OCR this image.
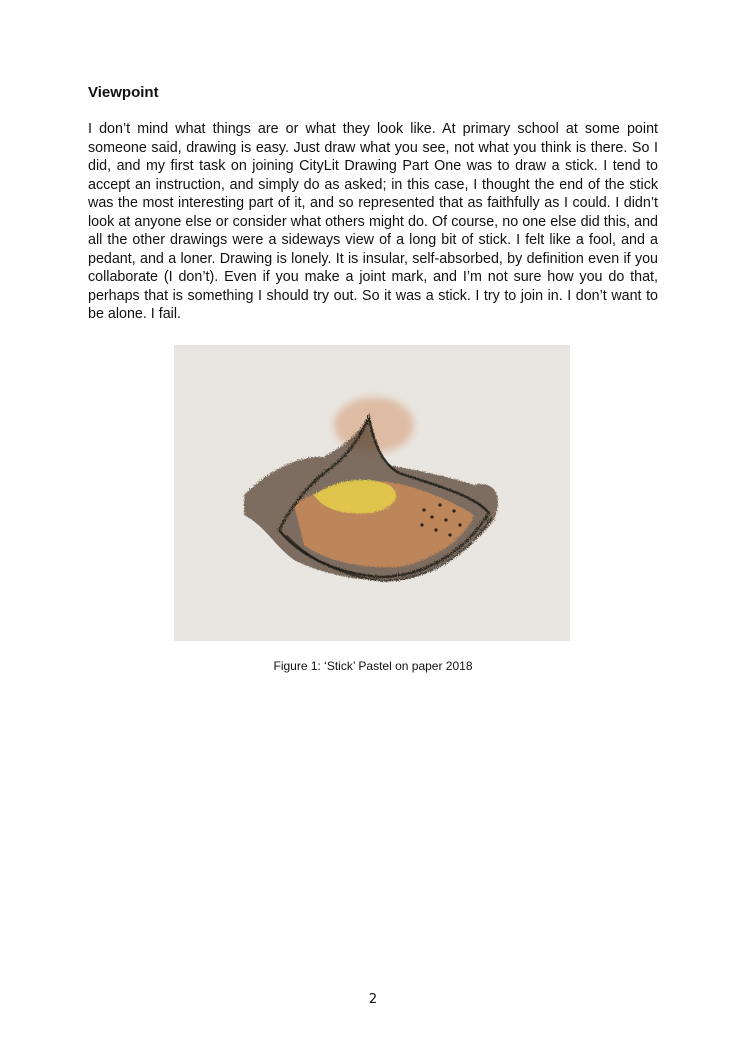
Viewpoint

I don’t mind what things are or what they look like. At primary school at some point someone said, drawing is easy. Just draw what you see, not what you think is there. So I did, and my first task on joining CityLit Drawing Part One was to draw a stick. I tend to accept an instruction, and simply do as asked; in this case, I thought the end of the stick was the most interesting part of it, and so represented that as faithfully as I could. I didn’t look at anyone else or consider what others might do. Of course, no one else did this, and all the other drawings were a sideways view of a long bit of stick. I felt like a fool, and a pedant, and a loner. Drawing is lonely. It is insular, self-absorbed, by definition even if you collaborate (I don’t). Even if you make a joint mark, and I’m not sure how you do that, perhaps that is something I should try out. So it was a stick. I try to join in. I don’t want to be alone. I fail.

Figure 1: ‘Stick’ Pastel on paper 2018

2
